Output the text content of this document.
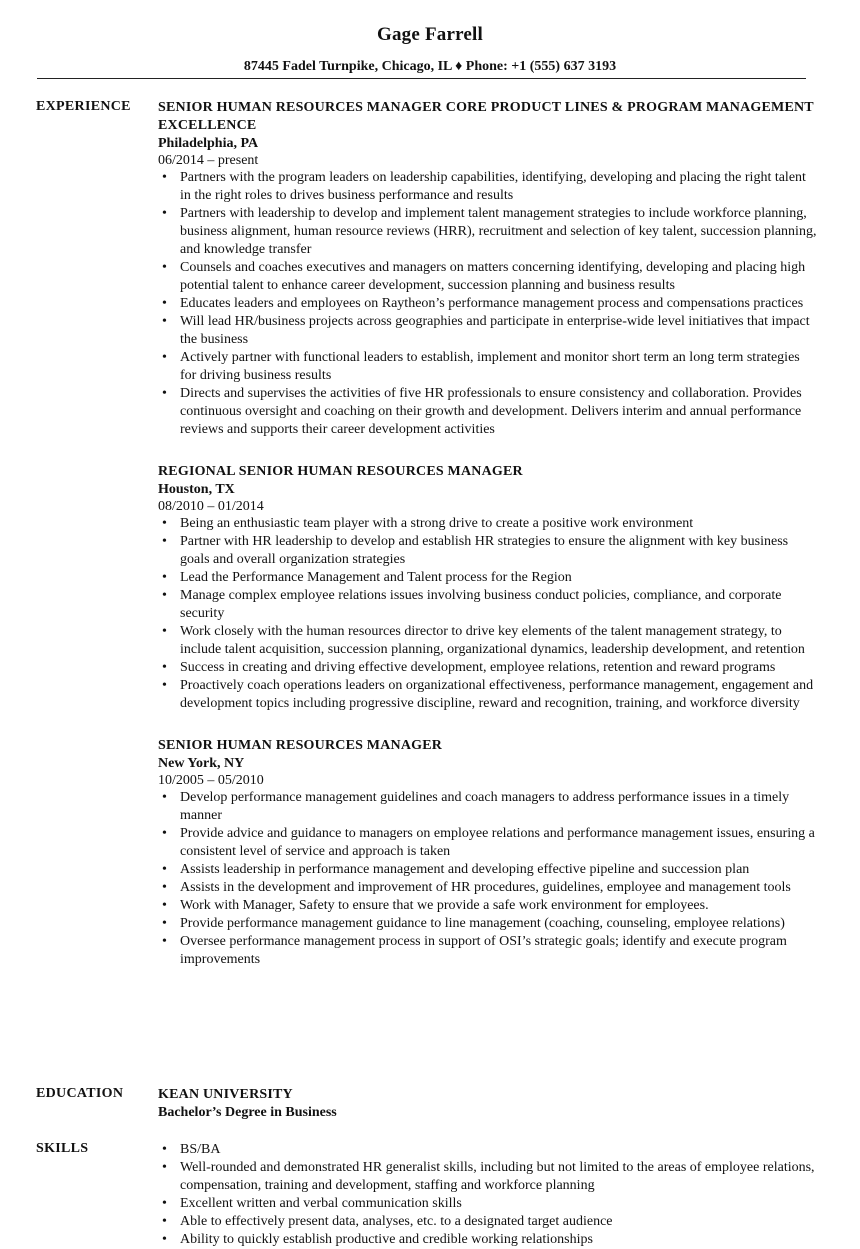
Gage Farrell
87445 Fadel Turnpike, Chicago, IL ♦ Phone: +1 (555) 637 3193
EXPERIENCE SENIOR HUMAN RESOURCES MANAGER CORE PRODUCT LINES & PROGRAM MANAGEMENT EXCELLENCE
Philadelphia, PA
06/2014 – present
• Partners with the program leaders on leadership capabilities, identifying, developing and placing the right talent in the right roles to drives business performance and results
• Partners with leadership to develop and implement talent management strategies to include workforce planning, business alignment, human resource reviews (HRR), recruitment and selection of key talent, succession planning, and knowledge transfer
• Counsels and coaches executives and managers on matters concerning identifying, developing and placing high potential talent to enhance career development, succession planning and business results
• Educates leaders and employees on Raytheon’s performance management process and compensations practices
• Will lead HR/business projects across geographies and participate in enterprise-wide level initiatives that impact the business
• Actively partner with functional leaders to establish, implement and monitor short term an long term strategies for driving business results
• Directs and supervises the activities of five HR professionals to ensure consistency and collaboration. Provides continuous oversight and coaching on their growth and development. Delivers interim and annual performance reviews and supports their career development activities
REGIONAL SENIOR HUMAN RESOURCES MANAGER
Houston, TX
08/2010 – 01/2014
• Being an enthusiastic team player with a strong drive to create a positive work environment
• Partner with HR leadership to develop and establish HR strategies to ensure the alignment with key business goals and overall organization strategies
• Lead the Performance Management and Talent process for the Region
• Manage complex employee relations issues involving business conduct policies, compliance, and corporate security
• Work closely with the human resources director to drive key elements of the talent management strategy, to include talent acquisition, succession planning, organizational dynamics, leadership development, and retention
• Success in creating and driving effective development, employee relations, retention and reward programs
• Proactively coach operations leaders on organizational effectiveness, performance management, engagement and development topics including progressive discipline, reward and recognition, training, and workforce diversity
SENIOR HUMAN RESOURCES MANAGER
New York, NY
10/2005 – 05/2010
• Develop performance management guidelines and coach managers to address performance issues in a timely manner
• Provide advice and guidance to managers on employee relations and performance management issues, ensuring a consistent level of service and approach is taken
• Assists leadership in performance management and developing effective pipeline and succession plan
• Assists in the development and improvement of HR procedures, guidelines, employee and management tools
• Work with Manager, Safety to ensure that we provide a safe work environment for employees.
• Provide performance management guidance to line management (coaching, counseling, employee relations)
• Oversee performance management process in support of OSI’s strategic goals; identify and execute program improvements
EDUCATION KEAN UNIVERSITY
Bachelor’s Degree in Business
SKILLS
•	BS/BA
• Well-rounded and demonstrated HR generalist skills, including but not limited to the areas of employee relations, compensation, training and development, staffing and workforce planning
• Excellent written and verbal communication skills
• Able to effectively present data, analyses, etc. to a designated target audience
• Ability to quickly establish productive and credible working relationships
